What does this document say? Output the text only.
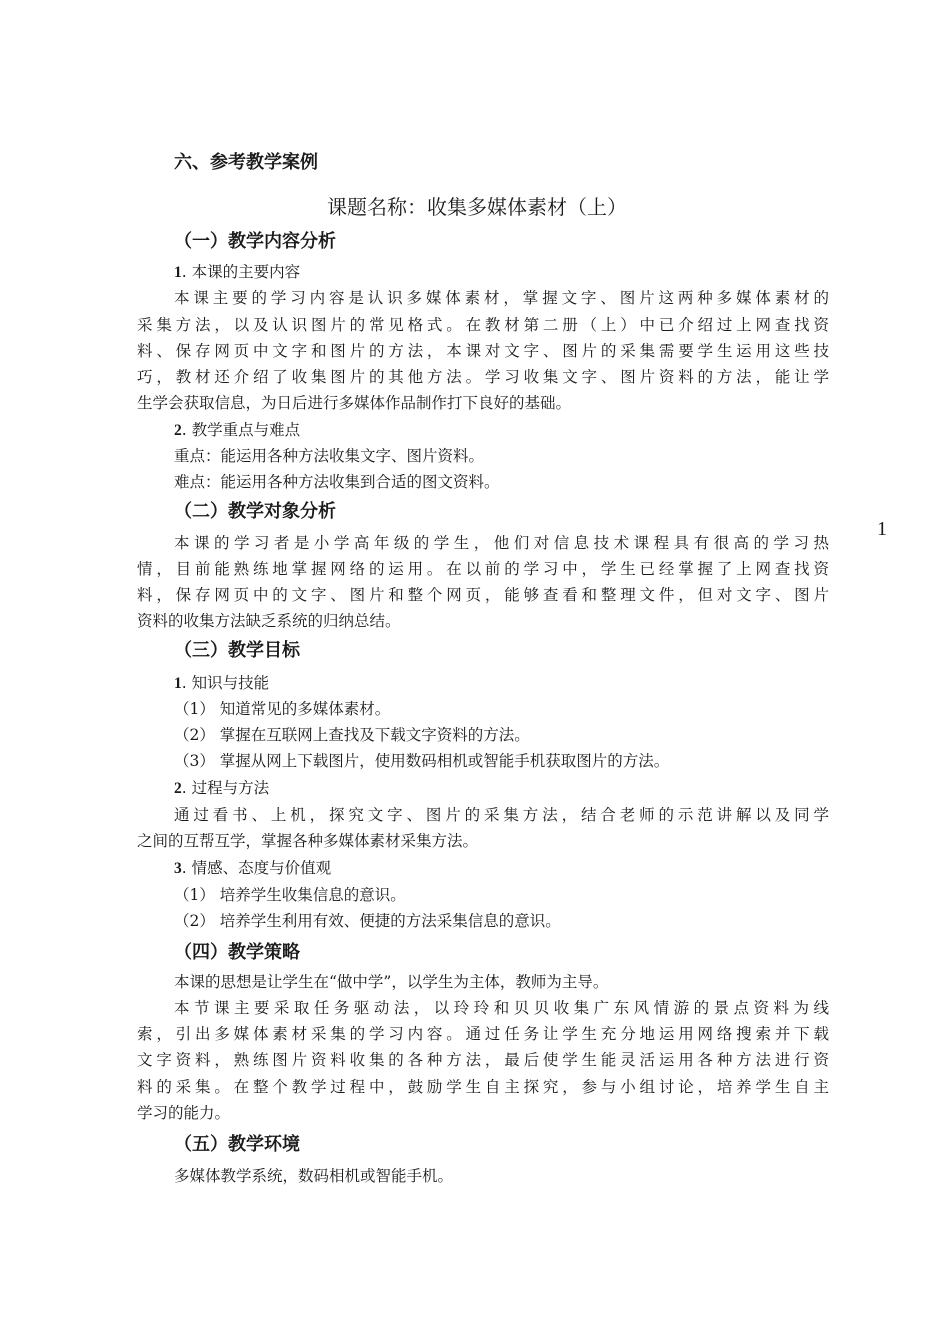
六、参考教学案例
课题名称：收集多媒体素材（上）
（一）教学内容分析
1. 本课的主要内容
本课主要的学习内容是认识多媒体素材，掌握文字、图片这两种多媒体素材的
采集方法，以及认识图片的常见格式。在教材第二册（上）中已介绍过上网查找资
料、保存网页中文字和图片的方法，本课对文字、图片的采集需要学生运用这些技
巧，教材还介绍了收集图片的其他方法。学习收集文字、图片资料的方法，能让学
生学会获取信息，为日后进行多媒体作品制作打下良好的基础。
2. 教学重点与难点
重点：能运用各种方法收集文字、图片资料。
难点：能运用各种方法收集到合适的图文资料。
（二）教学对象分析
本课的学习者是小学高年级的学生，他们对信息技术课程具有很高的学习热
情，目前能熟练地掌握网络的运用。在以前的学习中，学生已经掌握了上网查找资
料，保存网页中的文字、图片和整个网页，能够查看和整理文件，但对文字、图片
资料的收集方法缺乏系统的归纳总结。
1
（三）教学目标
1. 知识与技能
（1） 知道常见的多媒体素材。
（2） 掌握在互联网上查找及下载文字资料的方法。
（3） 掌握从网上下载图片，使用数码相机或智能手机获取图片的方法。
2. 过程与方法
通过看书、上机，探究文字、图片的采集方法，结合老师的示范讲解以及同学
之间的互帮互学，掌握各种多媒体素材采集方法。
3. 情感、态度与价值观
（1） 培养学生收集信息的意识。
（2） 培养学生利用有效、便捷的方法采集信息的意识。
（四）教学策略
本课的思想是让学生在“做中学”，以学生为主体，教师为主导。
本节课主要采取任务驱动法，以玲玲和贝贝收集广东风情游的景点资料为线
索，引出多媒体素材采集的学习内容。通过任务让学生充分地运用网络搜索并下载
文字资料，熟练图片资料收集的各种方法，最后使学生能灵活运用各种方法进行资
料的采集。在整个教学过程中，鼓励学生自主探究，参与小组讨论，培养学生自主
学习的能力。
（五）教学环境
多媒体教学系统，数码相机或智能手机。
